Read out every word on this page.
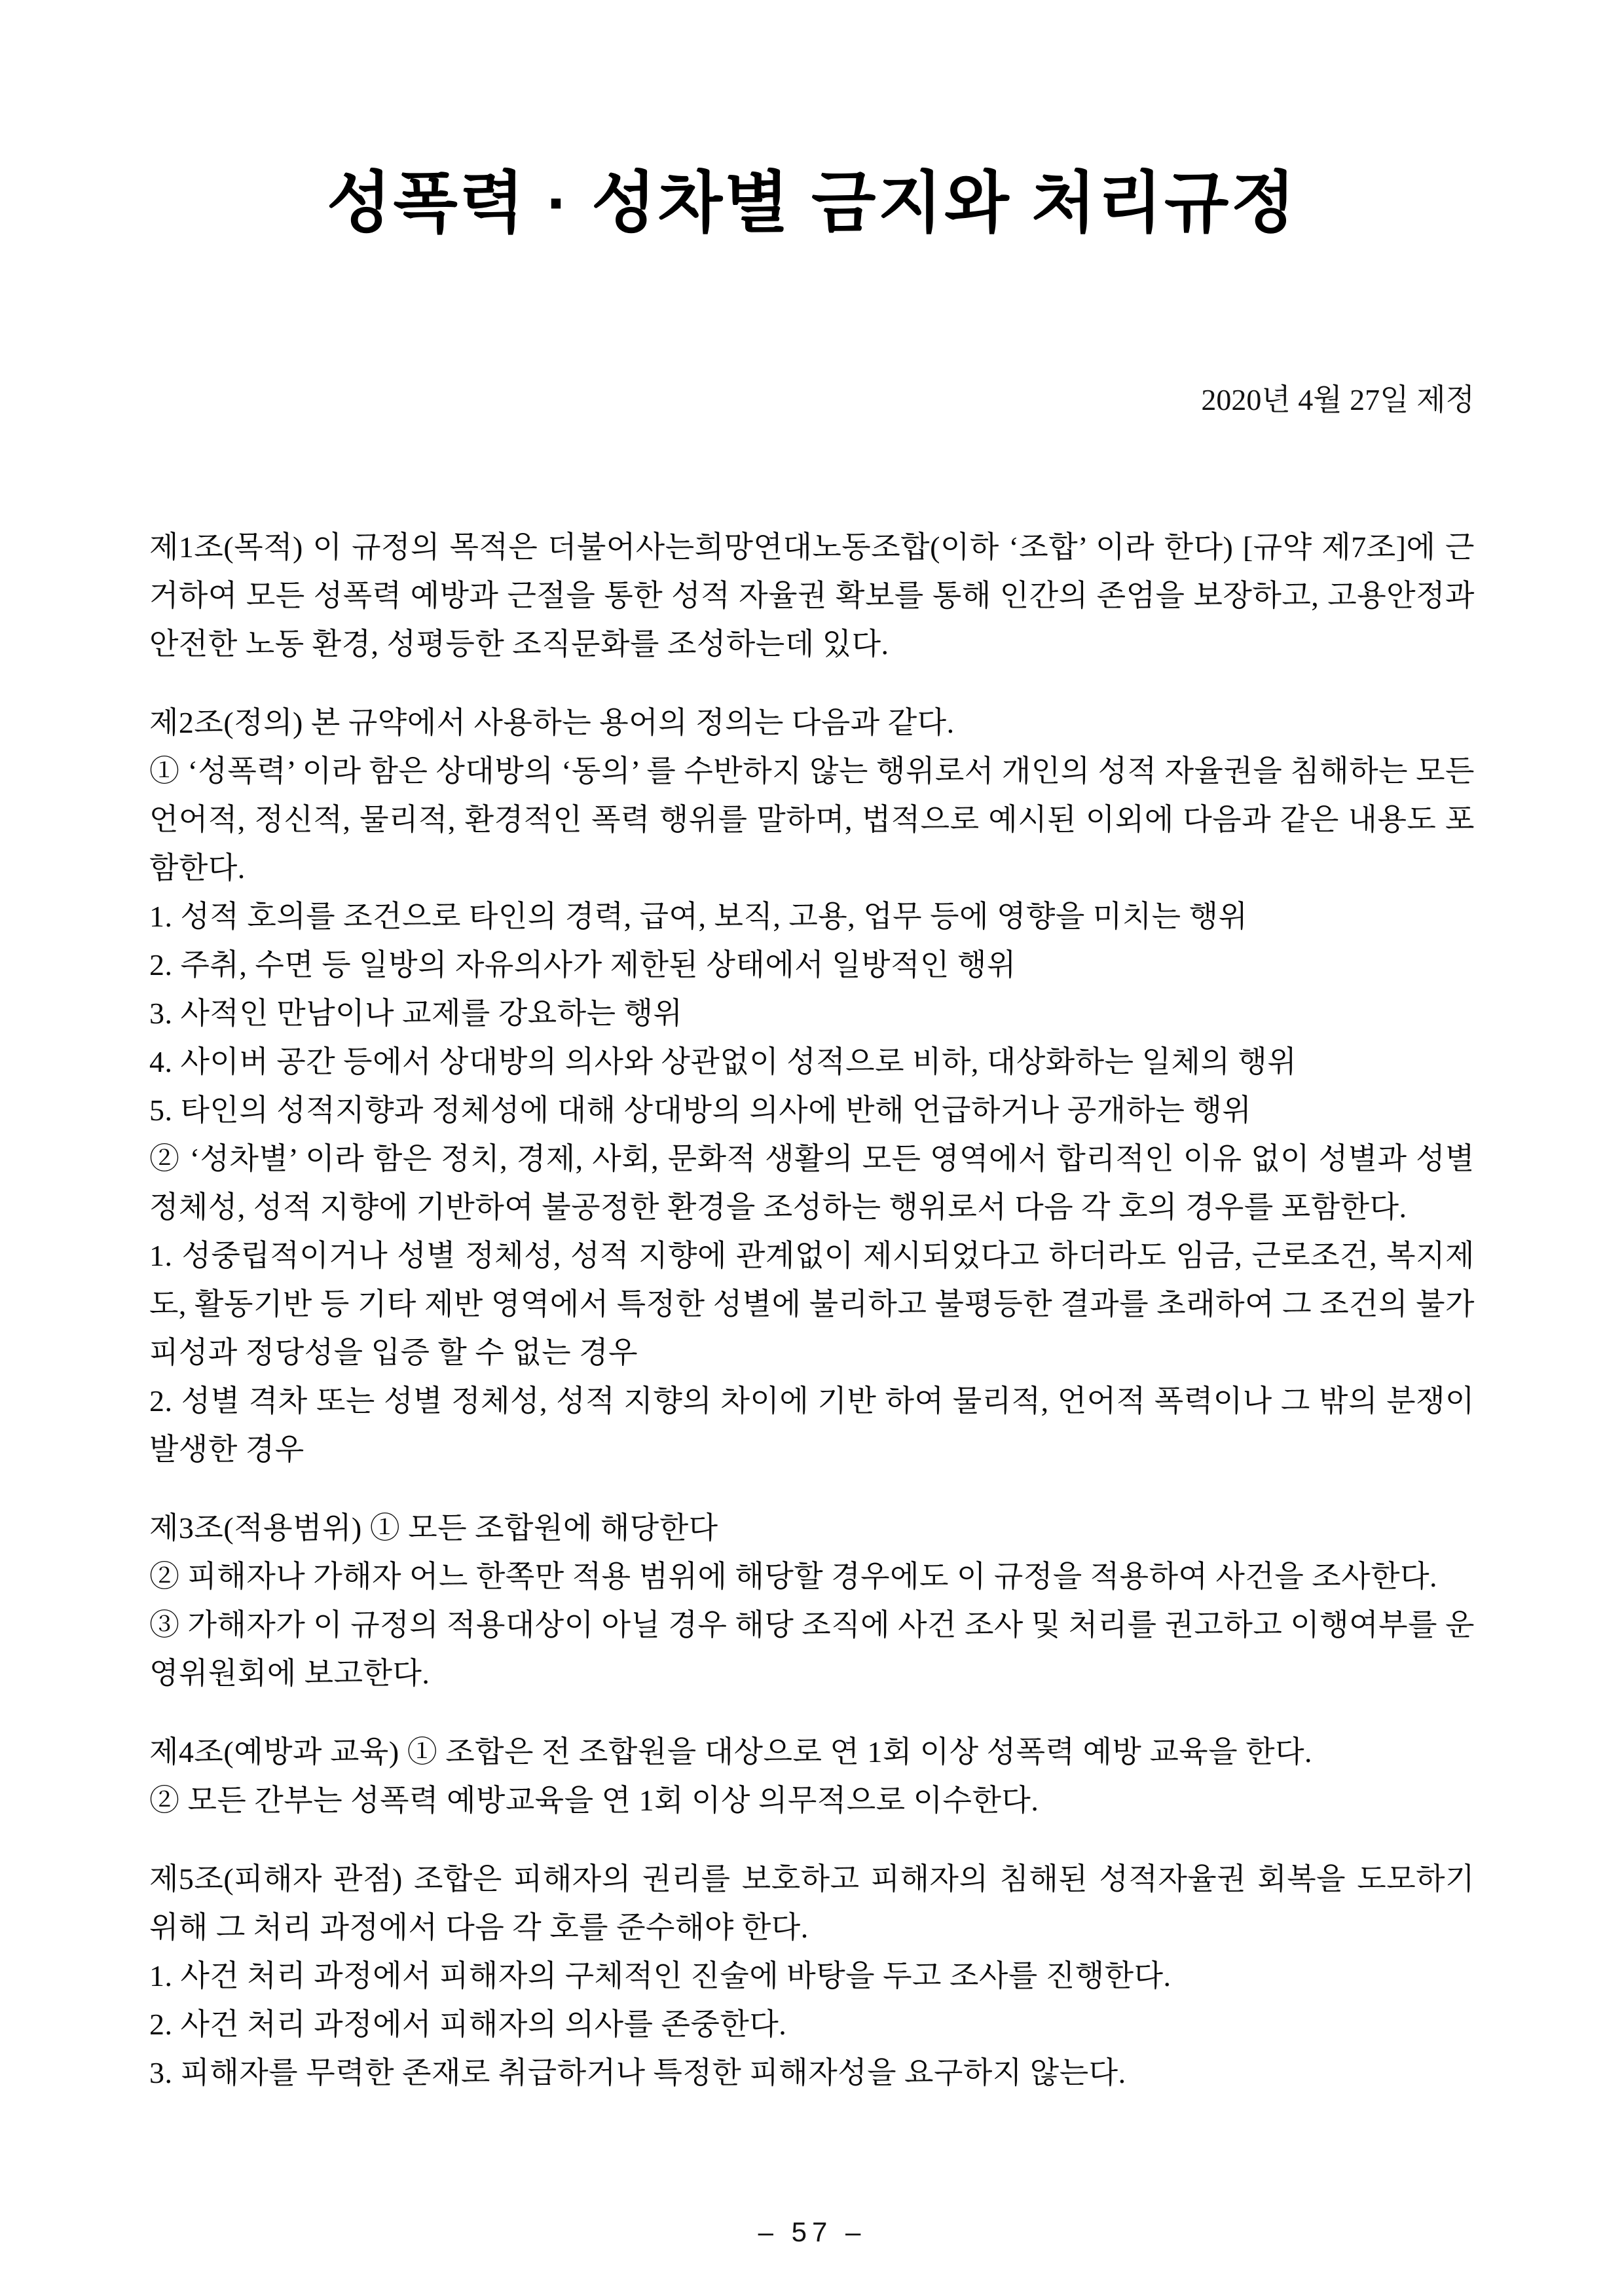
성폭력 · 성차별 금지와 처리규정
2020년 4월 27일 제정

제1조(목적) 이 규정의 목적은 더불어사는희망연대노동조합(이하 ‘조합’ 이라 한다) [규약 제7조]에 근거하여 모든 성폭력 예방과 근절을 통한 성적 자율권 확보를 통해 인간의 존엄을 보장하고, 고용안정과 안전한 노동 환경, 성평등한 조직문화를 조성하는데 있다.

제2조(정의) 본 규약에서 사용하는 용어의 정의는 다음과 같다.

① ‘성폭력’ 이라 함은 상대방의 ‘동의’ 를 수반하지 않는 행위로서 개인의 성적 자율권을 침해하는 모든 언어적, 정신적, 물리적, 환경적인 폭력 행위를 말하며, 법적으로 예시된 이외에 다음과 같은 내용도 포함한다.

1. 성적 호의를 조건으로 타인의 경력, 급여, 보직, 고용, 업무 등에 영향을 미치는 행위

2. 주취, 수면 등 일방의 자유의사가 제한된 상태에서 일방적인 행위

3. 사적인 만남이나 교제를 강요하는 행위

4. 사이버 공간 등에서 상대방의 의사와 상관없이 성적으로 비하, 대상화하는 일체의 행위

5. 타인의 성적지향과 정체성에 대해 상대방의 의사에 반해 언급하거나 공개하는 행위

② ‘성차별’ 이라 함은 정치, 경제, 사회, 문화적 생활의 모든 영역에서 합리적인 이유 없이 성별과 성별 정체성, 성적 지향에 기반하여 불공정한 환경을 조성하는 행위로서 다음 각 호의 경우를 포함한다.

1. 성중립적이거나 성별 정체성, 성적 지향에 관계없이 제시되었다고 하더라도 임금, 근로조건, 복지제도, 활동기반 등 기타 제반 영역에서 특정한 성별에 불리하고 불평등한 결과를 초래하여 그 조건의 불가피성과 정당성을 입증 할 수 없는 경우

2. 성별 격차 또는 성별 정체성, 성적 지향의 차이에 기반 하여 물리적, 언어적 폭력이나 그 밖의 분쟁이 발생한 경우

제3조(적용범위) ① 모든 조합원에 해당한다

② 피해자나 가해자 어느 한쪽만 적용 범위에 해당할 경우에도 이 규정을 적용하여 사건을 조사한다.

③ 가해자가 이 규정의 적용대상이 아닐 경우 해당 조직에 사건 조사 및 처리를 권고하고 이행여부를 운영위원회에 보고한다.

제4조(예방과 교육) ① 조합은 전 조합원을 대상으로 연 1회 이상 성폭력 예방 교육을 한다.

② 모든 간부는 성폭력 예방교육을 연 1회 이상 의무적으로 이수한다.

제5조(피해자 관점) 조합은 피해자의 권리를 보호하고 피해자의 침해된 성적자율권 회복을 도모하기 위해 그 처리 과정에서 다음 각 호를 준수해야 한다.

1. 사건 처리 과정에서 피해자의 구체적인 진술에 바탕을 두고 조사를 진행한다.

2. 사건 처리 과정에서 피해자의 의사를 존중한다.

3. 피해자를 무력한 존재로 취급하거나 특정한 피해자성을 요구하지 않는다.

– 57 –
